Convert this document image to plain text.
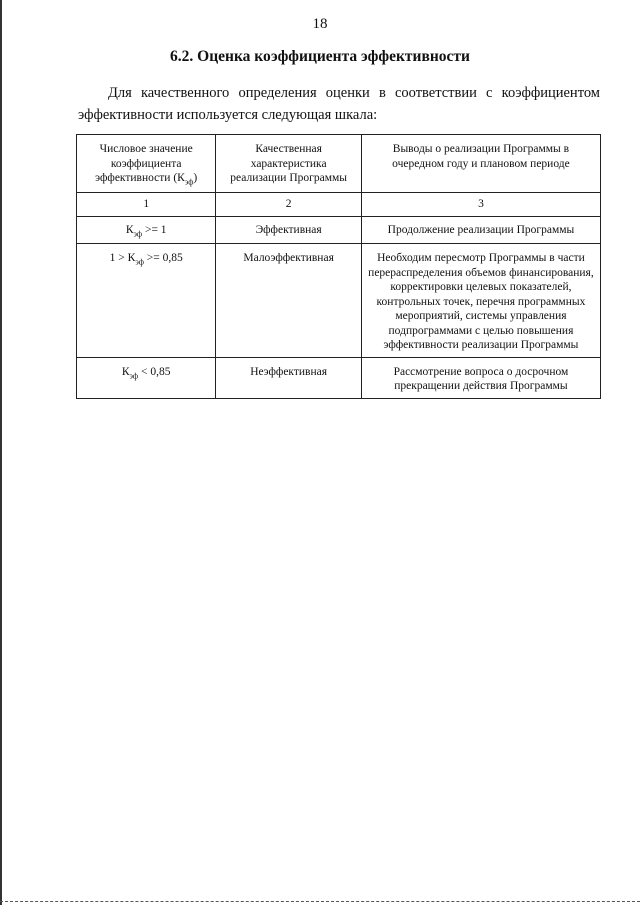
18
6.2. Оценка коэффициента эффективности
Для качественного определения оценки в соответствии с коэффициентом
эффективности используется следующая шкала:
Числовое значение коэффициента эффективности $(К_{эф})$	Качественная характеристика реализации Программы	Выводы о реализации Программы в очередном году и плановом периоде
1	2	3
$К_{эф} >= 1$	Эффективная	Продолжение реализации Программы
$1 > К_{эф} >= 0,85$	Малоэффективная	Необходим пересмотр Программы в части перераспределения объемов финансирования, корректировки целевых показателей, контрольных точек, перечня программных мероприятий, системы управления подпрограммами с целью повышения эффективности реализации Программы
$К_{эф} < 0,85$	Неэффективная	Рассмотрение вопроса о досрочном прекращении действия Программы
